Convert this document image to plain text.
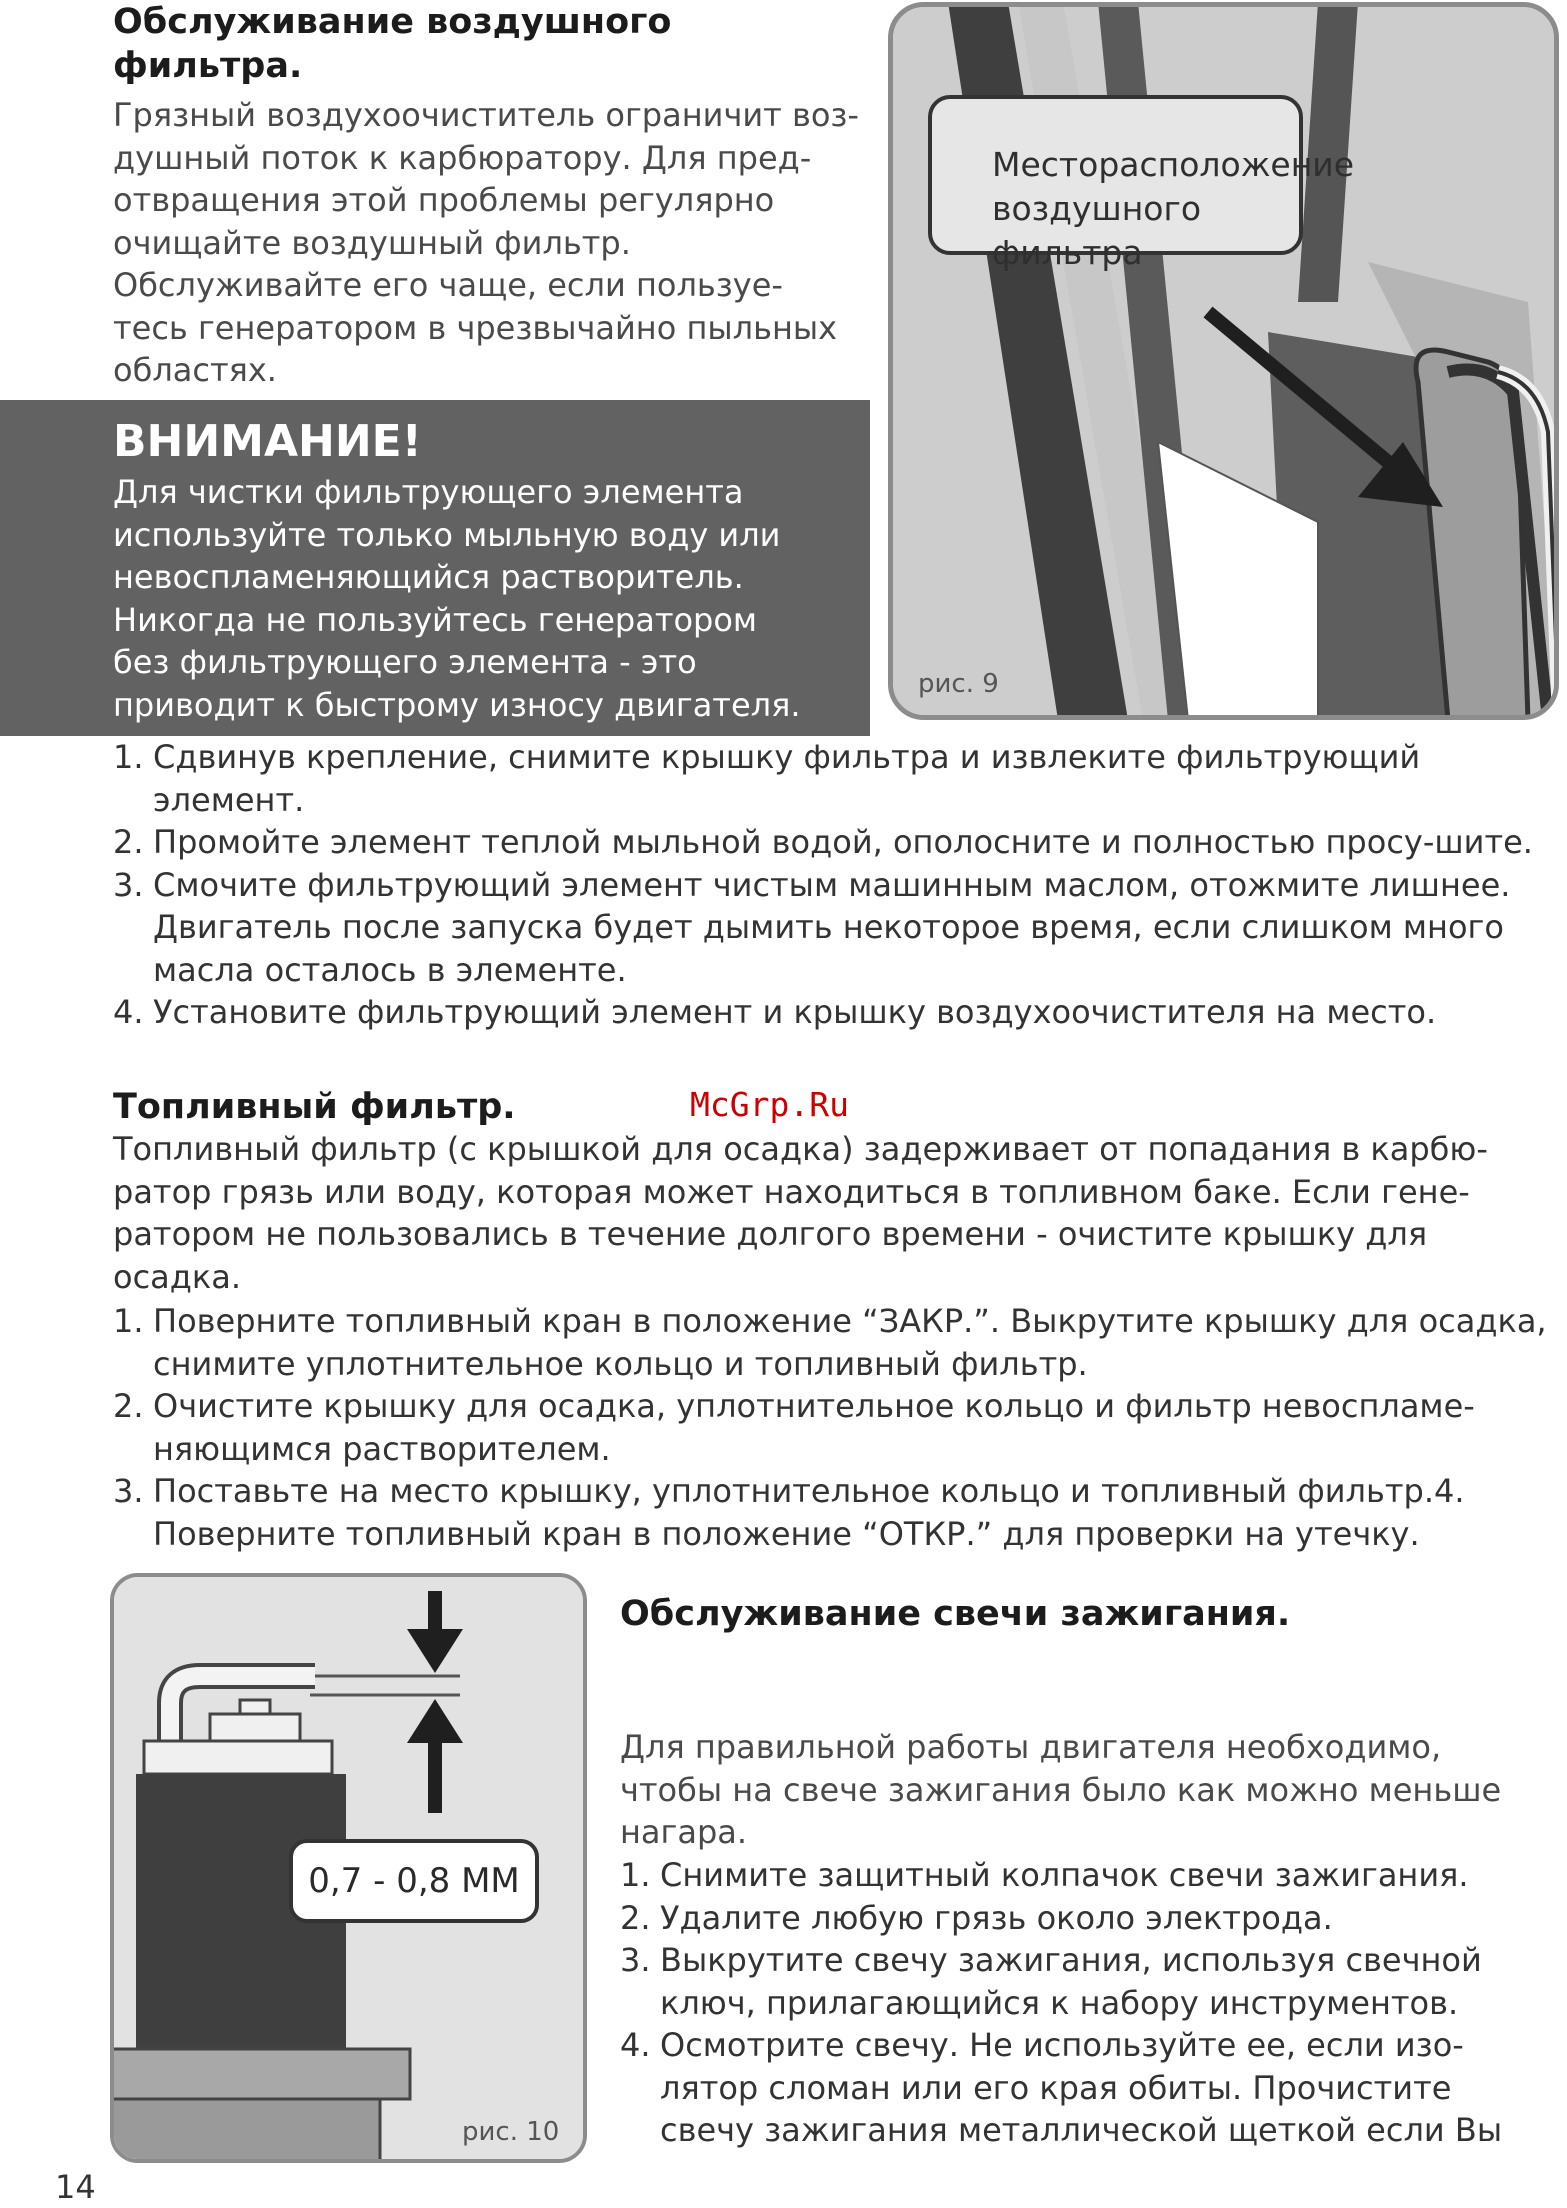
Обслуживание воздушного
фильтра.

Грязный воздухоочиститель ограничит воз-
душный поток к карбюратору. Для пред-
отвращения этой проблемы регулярно
очищайте воздушный фильтр.
Обслуживайте его чаще, если пользуе-
тесь генератором в чрезвычайно пыльных
областях.

ВНИМАНИЕ!
Для чистки фильтрующего элемента
используйте только мыльную воду или
невоспламеняющийся растворитель.
Никогда не пользуйтесь генератором
без фильтрующего элемента - это
приводит к быстрому износу двигателя.
Месторасположение
воздушного фильтра
рис. 9
1. Сдвинув крепление, снимите крышку фильтра и извлеките фильтрующий элемент.
2. Промойте элемент теплой мыльной водой, ополосните и полностью просу-шите.
3. Смочите фильтрующий элемент чистым машинным маслом, отожмите лишнее. Двигатель после запуска будет дымить некоторое время, если слишком много масла осталось в элементе.
4. Установите фильтрующий элемент и крышку воздухоочистителя на место.
Топливный фильтр.	McGrp.Ru

Топливный фильтр (с крышкой для осадка) задерживает от попадания в карбю-
ратор грязь или воду, которая может находиться в топливном баке. Если гене-
ратором не пользовались в течение долгого времени - очистите крышку для
осадка.

1. Поверните топливный кран в положение “ЗАКР.”. Выкрутите крышку для осадка, снимите уплотнительное кольцо и топливный фильтр.
2. Очистите крышку для осадка, уплотнительное кольцо и фильтр невоспламе-няющимся растворителем.
3. Поставьте на место крышку, уплотнительное кольцо и топливный фильтр.4. Поверните топливный кран в положение “ОТКР.” для проверки на утечку.
0,7 - 0,8 ММ
рис. 10
Обслуживание свечи зажигания.

Для правильной работы двигателя необходимо,
чтобы на свече зажигания было как можно меньше
нагара.

1. Снимите защитный колпачок свечи зажигания.
2. Удалите любую грязь около электрода.
3. Выкрутите свечу зажигания, используя свечной ключ, прилагающийся к набору инструментов.
4. Осмотрите свечу. Не используйте ее, если изо-лятор сломан или его края обиты. Прочистите свечу зажигания металлической щеткой если Вы
14
